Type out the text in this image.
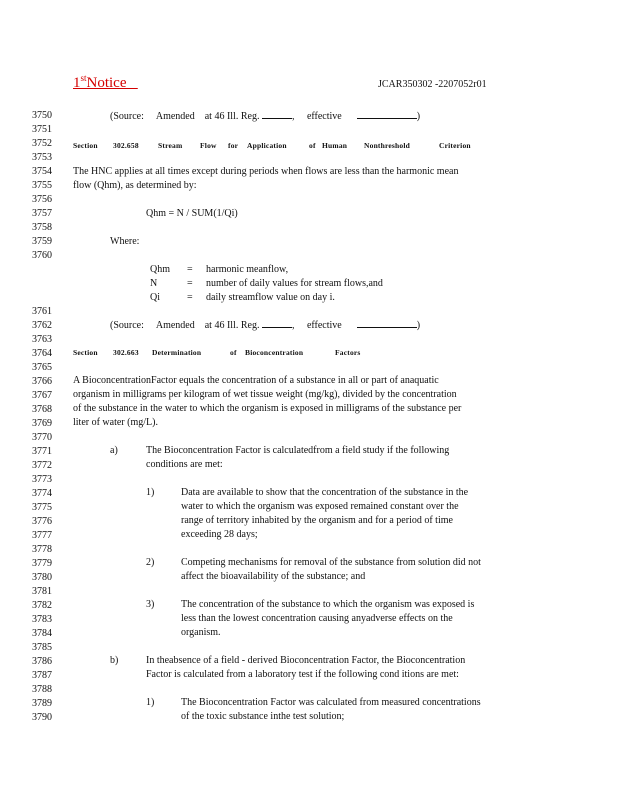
1stNotice	JCAR350302 -2207052r01
3750
3751
3752
3753
3754
3755
3756
3757
3758
3759
3760
3761
3762
3763
3764
3765
3766
3767
3768
3769
3770
3771
3772
3773
3774
3775
3776
3777
3778
3779
3780
3781
3782
3783
3784
3785
3786
3787
3788
3789
3790
(Source: Amended at 46 Ill. Reg.	, effective	)
Section 302.658	Stream Flow for Application	of Human Nonthreshold	Criterion
The HNC applies at all times except during periods when flows are less than the harmonic mean
flow (Qhm), as determined by:
Qhm = N / SUM(1/Qi)
Where:
Qhm = harmonic meanflow,
N	= number of daily values for stream flows,and
Qi	= daily streamflow value on day i.
(Source: Amended at 46 Ill. Reg.	, effective	)
Section 302.663 Determination	of Bioconcentration	Factors
A BioconcentrationFactor equals the concentration of a substance in all or part of anaquatic
organism in milligrams per kilogram of wet tissue weight (mg/kg), divided by the concentration
of the substance in the water to which the organism is exposed in milligrams of the substance per
liter of water (mg/L).
a)	The Bioconcentration Factor is calculatedfrom a field study if the following
conditions are met:
1)	Data are available to show that the concentration of the substance in the
water to which the organism was exposed remained constant over the
range of territory inhabited by the organism and for a period of time
exceeding 28 days;
2)	Competing mechanisms for removal of the substance from solution did not
affect the bioavailability of the substance; and
3)	The concentration of the substance to which the organism was exposed is
less than the lowest concentration causing anyadverse effects on the
organism.
b)	In theabsence of a field - derived Bioconcentration Factor, the Bioconcentration
Factor is calculated from a laboratory test if the following cond itions are met:
1)	The Bioconcentration Factor was calculated from measured concentrations
of the toxic substance inthe test solution;
